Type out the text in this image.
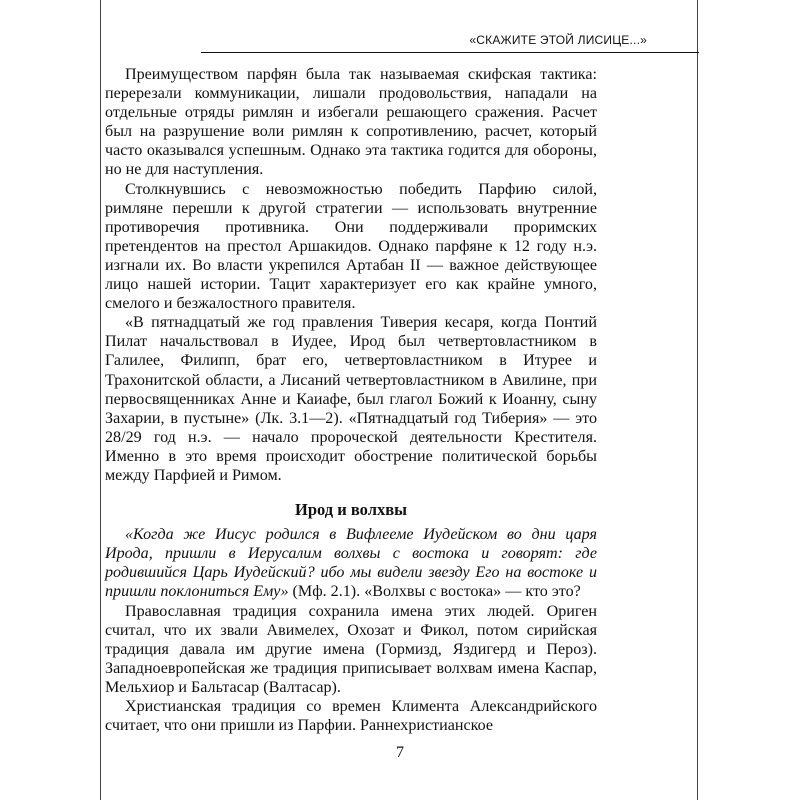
«СКАЖИТЕ ЭТОЙ ЛИСИЦЕ...»

Преимуществом парфян была так называемая скифская тактика: перерезали коммуникации, лишали продовольствия, нападали на отдельные отряды римлян и избегали решающего сражения. Расчет был на разрушение воли римлян к сопротивлению, расчет, который часто оказывался успешным. Однако эта тактика годится для обороны, но не для наступления.

Столкнувшись с невозможностью победить Парфию силой, римляне перешли к другой стратегии — использовать внутренние противоречия противника. Они поддерживали проримских претендентов на престол Аршакидов. Однако парфяне к 12 году н.э. изгнали их. Во власти укрепился Артабан II — важное действующее лицо нашей истории. Тацит характеризует его как крайне умного, смелого и безжалостного правителя.

«В пятнадцатый же год правления Тиверия кесаря, когда Понтий Пилат начальствовал в Иудее, Ирод был четвертовластником в Галилее, Филипп, брат его, четвертовластником в Итурее и Трахонитской области, а Лисаний четвертовластником в Авилине, при первосвященниках Анне и Каиафе, был глагол Божий к Иоанну, сыну Захарии, в пустыне» (Лк. 3.1—2). «Пятнадцатый год Тиберия» — это 28/29 год н.э. — начало пророческой деятельности Крестителя. Именно в это время происходит обострение политической борьбы между Парфией и Римом.

Ирод и волхвы

«Когда же Иисус родился в Вифлееме Иудейском во дни царя Ирода, пришли в Иерусалим волхвы с востока и говорят: где родившийся Царь Иудейский? ибо мы видели звезду Его на востоке и пришли поклониться Ему» (Мф. 2.1). «Волхвы с востока» — кто это?

Православная традиция сохранила имена этих людей. Ориген считал, что их звали Авимелех, Охозат и Фикол, потом сирийская традиция давала им другие имена (Гормизд, Яздигерд и Пероз). Западноевропейская же традиция приписывает волхвам имена Каспар, Мельхиор и Бальтасар (Валтасар).

Христианская традиция со времен Климента Александрийского считает, что они пришли из Парфии. Раннехристианское

7
